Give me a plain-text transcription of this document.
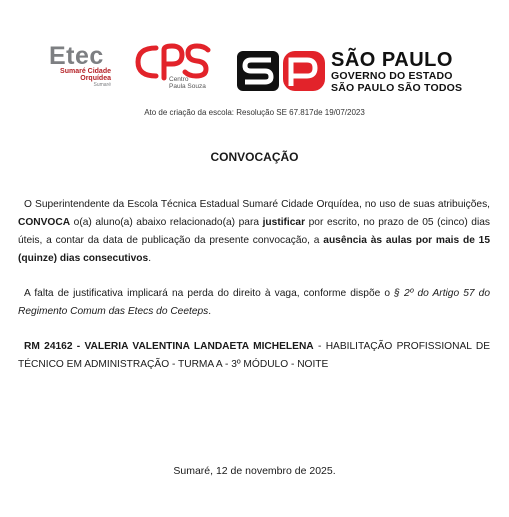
Etec
Sumaré Cidade
Orquídea
Sumaré
Centro
Paula Souza
SÃO PAULO
GOVERNO DO ESTADO
SÃO PAULO SÃO TODOS
Ato de criação da escola: Resolução SE 67.817de 19/07/2023
CONVOCAÇÃO

O Superintendente da Escola Técnica Estadual Sumaré Cidade Orquídea, no uso de suas atribuições, CONVOCA o(a) aluno(a) abaixo relacionado(a) para justificar por escrito, no prazo de 05 (cinco) dias úteis, a contar da data de publicação da presente convocação, a ausência às aulas por mais de 15 (quinze) dias consecutivos.

A falta de justificativa implicará na perda do direito à vaga, conforme dispõe o § 2º do Artigo 57 do Regimento Comum das Etecs do Ceeteps.

RM 24162 - VALERIA VALENTINA LANDAETA MICHELENA - HABILITAÇÃO PROFISSIONAL DE TÉCNICO EM ADMINISTRAÇÃO - TURMA A - 3º MÓDULO - NOITE

Sumaré, 12 de novembro de 2025.
